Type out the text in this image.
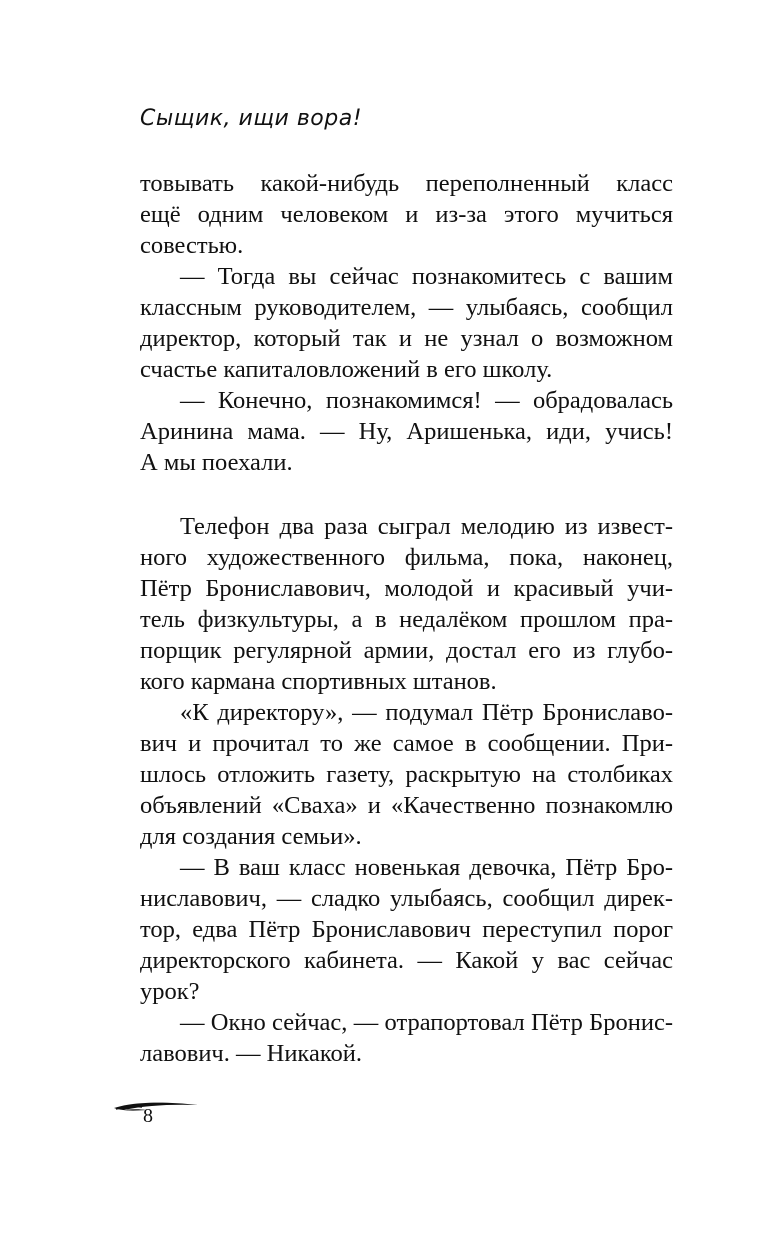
Сыщик, ищи вора!
товывать какой-нибудь переполненный класс
ещё одним человеком и из-за этого мучиться
совестью.
— Тогда вы сейчас познакомитесь с вашим
классным руководителем, — улыбаясь, сообщил
директор, который так и не узнал о возможном
счастье капиталовложений в его школу.
— Конечно, познакомимся! — обрадовалась
Аринина мама. — Ну, Аришенька, иди, учись!
А мы поехали.
Телефон два раза сыграл мелодию из извест-
ного художественного фильма, пока, наконец,
Пётр Брониславович, молодой и красивый учи-
тель физкультуры, а в недалёком прошлом пра-
порщик регулярной армии, достал его из глубо-
кого кармана спортивных штанов.
«К директору», — подумал Пётр Брониславо-
вич и прочитал то же самое в сообщении. При-
шлось отложить газету, раскрытую на столбиках
объявлений «Сваха» и «Качественно познакомлю
для создания семьи».
— В ваш класс новенькая девочка, Пётр Бро-
ниславович, — сладко улыбаясь, сообщил дирек-
тор, едва Пётр Брониславович переступил порог
директорского кабинета. — Какой у вас сейчас
урок?
— Окно сейчас, — отрапортовал Пётр Бронис-
лавович. — Никакой.
8
